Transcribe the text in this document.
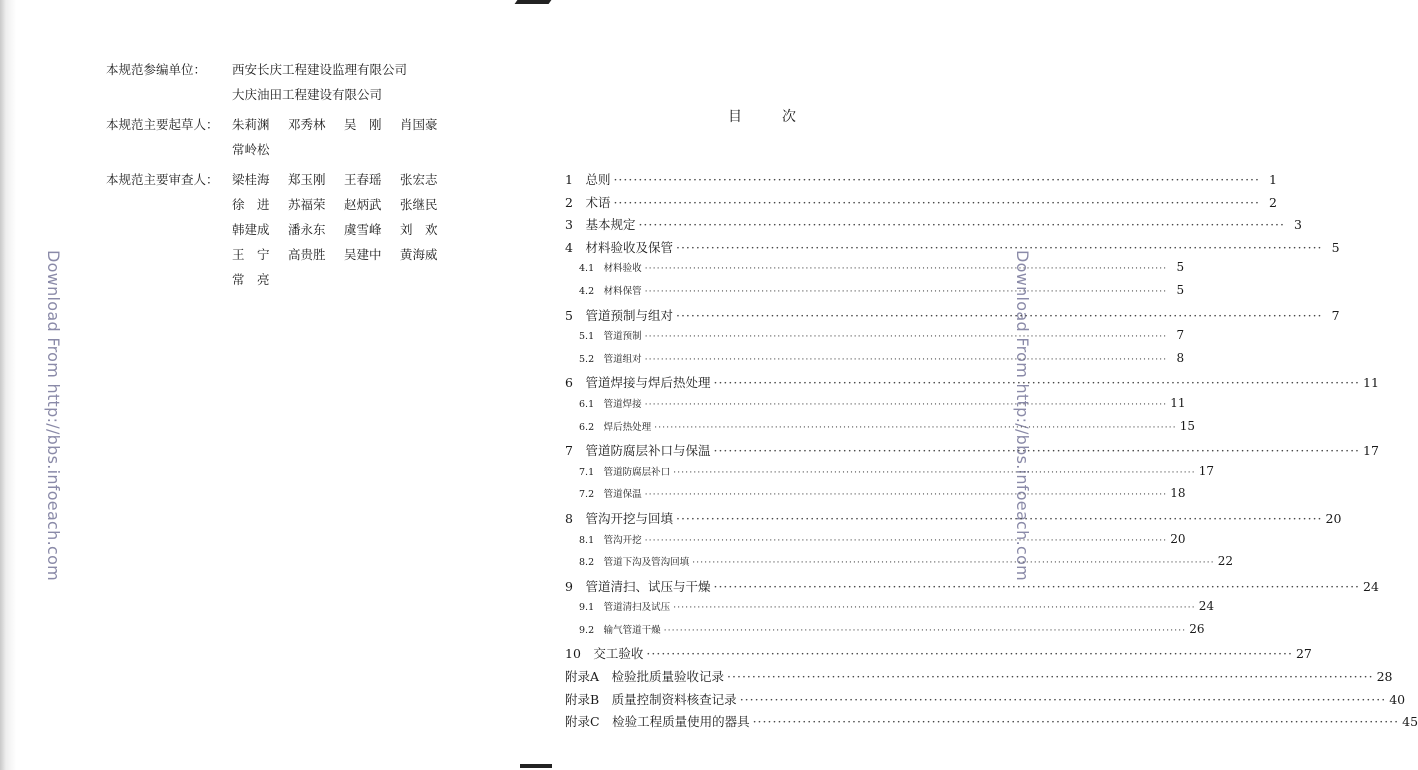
Download From http://bbs.infoeach.com	Download From http://bbs.infoeach.com
本规范参编单位：	西安长庆工程建设监理有限公司
大庆油田工程建设有限公司
本规范主要起草人：	朱莉渊	邓秀林	吴　刚	肖国豪
常岭松
本规范主要审查人：	梁桂海	郑玉刚	王春瑶	张宏志
徐　进	苏福荣	赵炳武	张继民
韩建成	潘永东	虞雪峰	刘　欢
王　宁	高贵胜	吴建中	黄海威
常　亮
目次
1　总则 ·····	1
2　术语 ·····	2
3　基本规定 ·····	3
4　材料验收及保管 ·····	5
4.1　材料验收 ·····	5
4.2　材料保管 ·····	5
5　管道预制与组对 ·····	7
5.1　管道预制 ·····	7
5.2　管道组对 ·····	8
6　管道焊接与焊后热处理 ·····	11
6.1　管道焊接 ·····	11
6.2　焊后热处理 ·····	15
7　管道防腐层补口与保温 ·····	17
7.1　管道防腐层补口 ·····	17
7.2　管道保温 ·····	18
8　管沟开挖与回填 ·····	20
8.1　管沟开挖 ·····	20
8.2　管道下沟及管沟回填 ·····	22
9　管道清扫、试压与干燥 ·····	24
9.1　管道清扫及试压 ·····	24
9.2　输气管道干燥 ·····	26
10　交工验收 ·····	27
附录A　检验批质量验收记录 ·····	28
附录B　质量控制资料核查记录 ·····	40
附录C　检验工程质量使用的器具 ·····	45
